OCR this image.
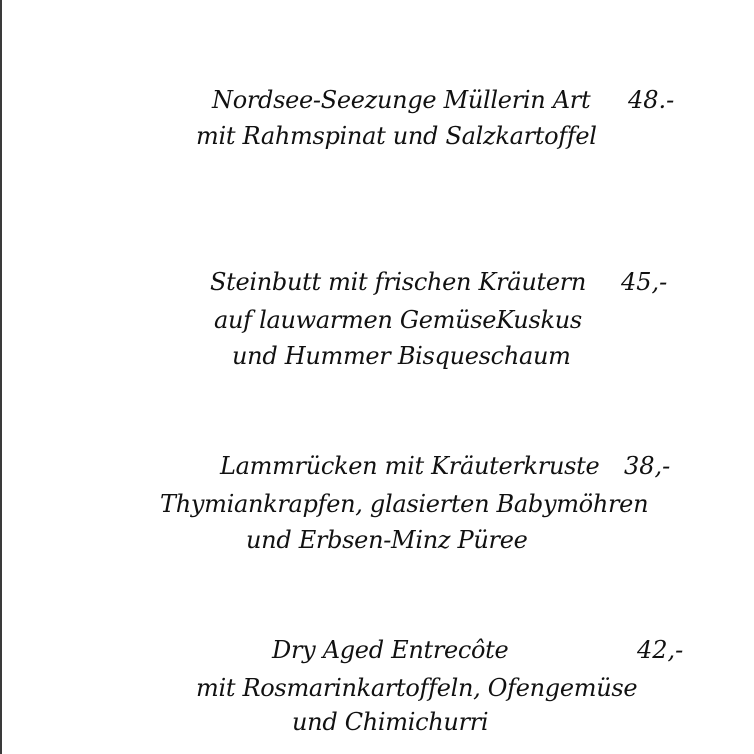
Nordsee-Seezunge Müllerin Art
mit Rahmspinat und Salzkartoffel
48.-
Steinbutt mit frischen Kräutern
auf lauwarmen GemüseKuskus
und Hummer Bisqueschaum
45,-
Lammrücken mit Kräuterkruste
Thymiankrapfen, glasierten Babymöhren
und Erbsen-Minz Püree
38,-
Dry Aged Entrecôte
mit Rosmarinkartoffeln, Ofengemüse
und Chimichurri
42,-
